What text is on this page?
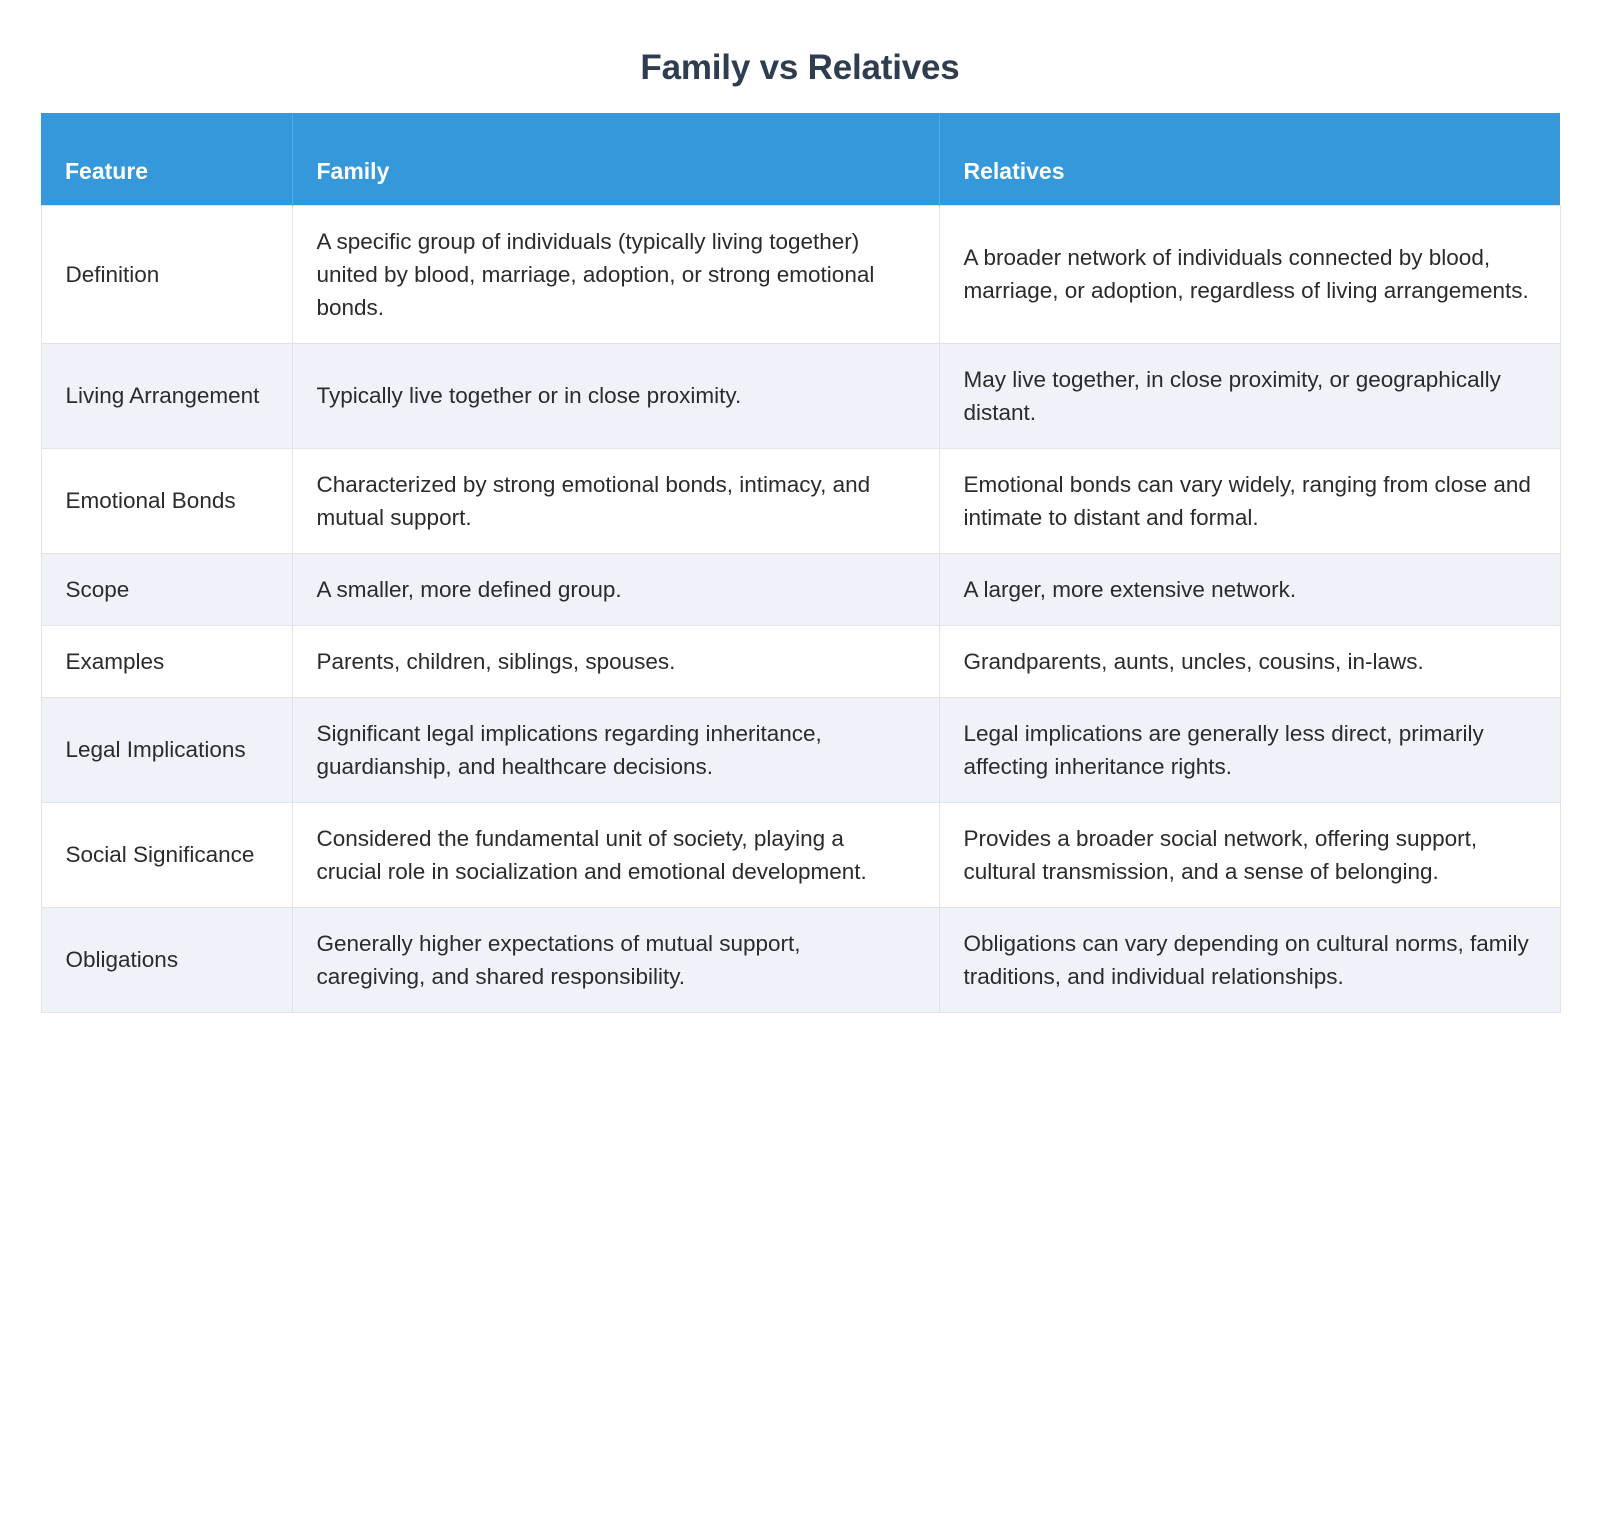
Family vs Relatives
Feature	Family	Relatives
Definition	A specific group of individuals (typically living together) united by blood, marriage, adoption, or strong emotional bonds.	A broader network of individuals connected by blood, marriage, or adoption, regardless of living arrangements.
Living Arrangement	Typically live together or in close proximity.	May live together, in close proximity, or geographically distant.
Emotional Bonds	Characterized by strong emotional bonds, intimacy, and mutual support.	Emotional bonds can vary widely, ranging from close and intimate to distant and formal.
Scope	A smaller, more defined group.	A larger, more extensive network.
Examples	Parents, children, siblings, spouses.	Grandparents, aunts, uncles, cousins, in-laws.
Legal Implications	Significant legal implications regarding inheritance, guardianship, and healthcare decisions.	Legal implications are generally less direct, primarily affecting inheritance rights.
Social Significance	Considered the fundamental unit of society, playing a crucial role in socialization and emotional development.	Provides a broader social network, offering support, cultural transmission, and a sense of belonging.
Obligations	Generally higher expectations of mutual support, caregiving, and shared responsibility.	Obligations can vary depending on cultural norms, family traditions, and individual relationships.
